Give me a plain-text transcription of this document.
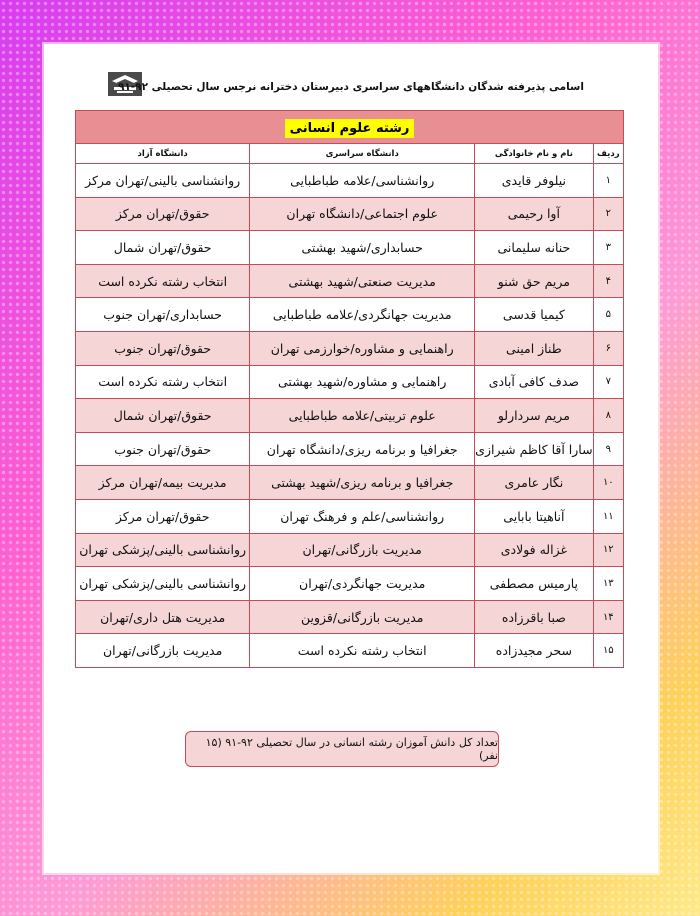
اسامی پذیرفته شدگان دانشگاههای سراسری دبیرستان دخترانه نرجس سال تحصیلی ۹۲-۹۱
رشته علوم انسانی			
ردیف	نام و نام خانوادگی	دانشگاه سراسری	دانشگاه آزاد
۱	نیلوفر قایدی	روانشناسی/علامه طباطبایی	روانشناسی بالینی/تهران مرکز
۲	آوا رحیمی	علوم اجتماعی/دانشگاه تهران	حقوق/تهران مرکز
۳	حنانه سلیمانی	حسابداری/شهید بهشتی	حقوق/تهران شمال
۴	مریم حق شنو	مدیریت صنعتی/شهید بهشتی	انتخاب رشته نکرده است
۵	کیمیا قدسی	مدیریت جهانگردی/علامه طباطبایی	حسابداری/تهران جنوب
۶	طناز امینی	راهنمایی و مشاوره/خوارزمی تهران	حقوق/تهران جنوب
۷	صدف کافی آبادی	راهنمایی و مشاوره/شهید بهشتی	انتخاب رشته نکرده است
۸	مریم سردارلو	علوم تربیتی/علامه طباطبایی	حقوق/تهران شمال
۹	سارا آقا کاظم شیرازی	جغرافیا و برنامه ریزی/دانشگاه تهران	حقوق/تهران جنوب
۱۰	نگار عامری	جغرافیا و برنامه ریزی/شهید بهشتی	مدیریت بیمه/تهران مرکز
۱۱	آناهیتا بابایی	روانشناسی/علم و فرهنگ تهران	حقوق/تهران مرکز
۱۲	غزاله فولادی	مدیریت بازرگانی/تهران	روانشناسی بالینی/پزشکی تهران
۱۳	پارمیس مصطفی	مدیریت جهانگردی/تهران	روانشناسی بالینی/پزشکی تهران
۱۴	صبا باقرزاده	مدیریت بازرگانی/قزوین	مدیریت هتل داری/تهران
۱۵	سحر مجیدزاده	انتخاب رشته نکرده است	مدیریت بازرگانی/تهران
تعداد کل دانش آموزان رشته انسانی در سال تحصیلی ۹۲-۹۱ (۱۵ نفر)
